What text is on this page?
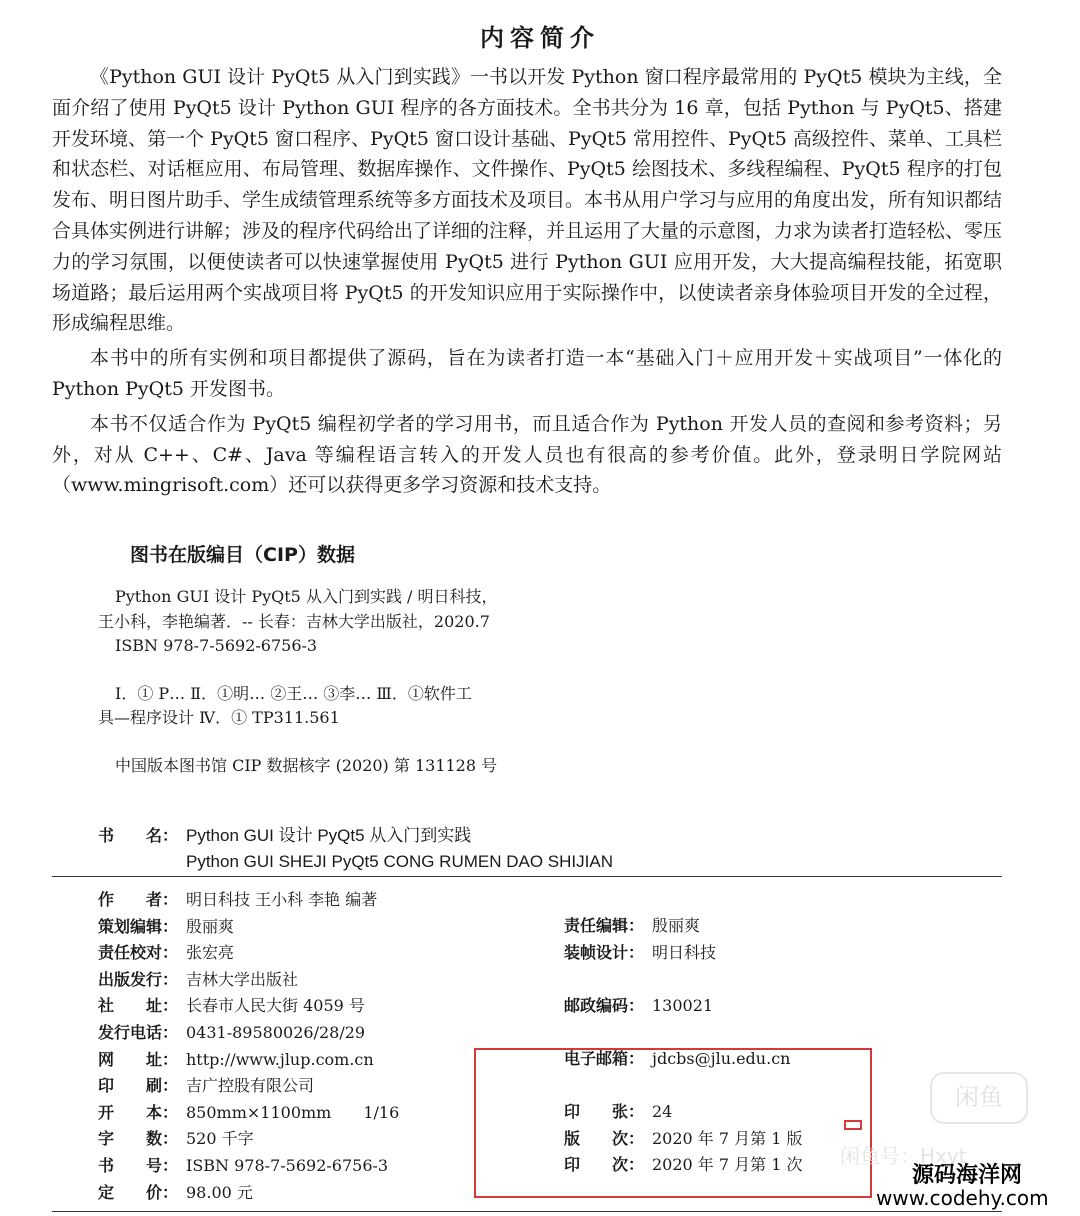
内容简介

《Python GUI 设计 PyQt5 从入门到实践》一书以开发 Python 窗口程序最常用的 PyQt5 模块为主线，全面介绍了使用 PyQt5 设计 Python GUI 程序的各方面技术。全书共分为 16 章，包括 Python 与 PyQt5、搭建开发环境、第一个 PyQt5 窗口程序、PyQt5 窗口设计基础、PyQt5 常用控件、PyQt5 高级控件、菜单、工具栏和状态栏、对话框应用、布局管理、数据库操作、文件操作、PyQt5 绘图技术、多线程编程、PyQt5 程序的打包发布、明日图片助手、学生成绩管理系统等多方面技术及项目。本书从用户学习与应用的角度出发，所有知识都结合具体实例进行讲解；涉及的程序代码给出了详细的注释，并且运用了大量的示意图，力求为读者打造轻松、零压力的学习氛围，以便使读者可以快速掌握使用 PyQt5 进行 Python GUI 应用开发，大大提高编程技能，拓宽职场道路；最后运用两个实战项目将 PyQt5 的开发知识应用于实际操作中，以使读者亲身体验项目开发的全过程，形成编程思维。

本书中的所有实例和项目都提供了源码，旨在为读者打造一本“基础入门＋应用开发＋实战项目”一体化的 Python PyQt5 开发图书。

本书不仅适合作为 PyQt5 编程初学者的学习用书，而且适合作为 Python 开发人员的查阅和参考资料；另外，对从 C++、C#、Java 等编程语言转入的开发人员也有很高的参考价值。此外，登录明日学院网站（www.mingrisoft.com）还可以获得更多学习资源和技术支持。

图书在版编目（CIP）数据
Python GUI 设计 PyQt5 从入门到实践 / 明日科技，
王小科，李艳编著．-- 长春：吉林大学出版社，2020.7
ISBN 978-7-5692-6756-3
Ⅰ．① P… Ⅱ．①明… ②王… ③李… Ⅲ．①软件工
具—程序设计 Ⅳ．① TP311.561
中国版本图书馆 CIP 数据核字 (2020) 第 131128 号
书　　名： Python GUI 设计 PyQt5 从入门到实践
Python GUI SHEJI PyQt5 CONG RUMEN DAO SHIJIAN
作　　者： 明日科技 王小科 李艳 编著
策划编辑： 殷丽爽
责任校对： 张宏亮
出版发行： 吉林大学出版社
社　　址： 长春市人民大街 4059 号
发行电话： 0431-89580026/28/29
网　　址： http://www.jlup.com.cn
印　　刷： 吉广控股有限公司
开　　本： 850mm×1100mm 1/16
字　　数： 520 千字
书　　号： ISBN 978-7-5692-6756-3
定　　价： 98.00 元
责任编辑： 殷丽爽
装帧设计： 明日科技
邮政编码： 130021
电子邮箱： jdcbs@jlu.edu.cn
印　　张： 24
版　　次： 2020 年 7 月第 1 版
印　　次： 2020 年 7 月第 1 次
闲鱼
闲鱼号：Hxyt
源码海洋网
www.codehy.com
